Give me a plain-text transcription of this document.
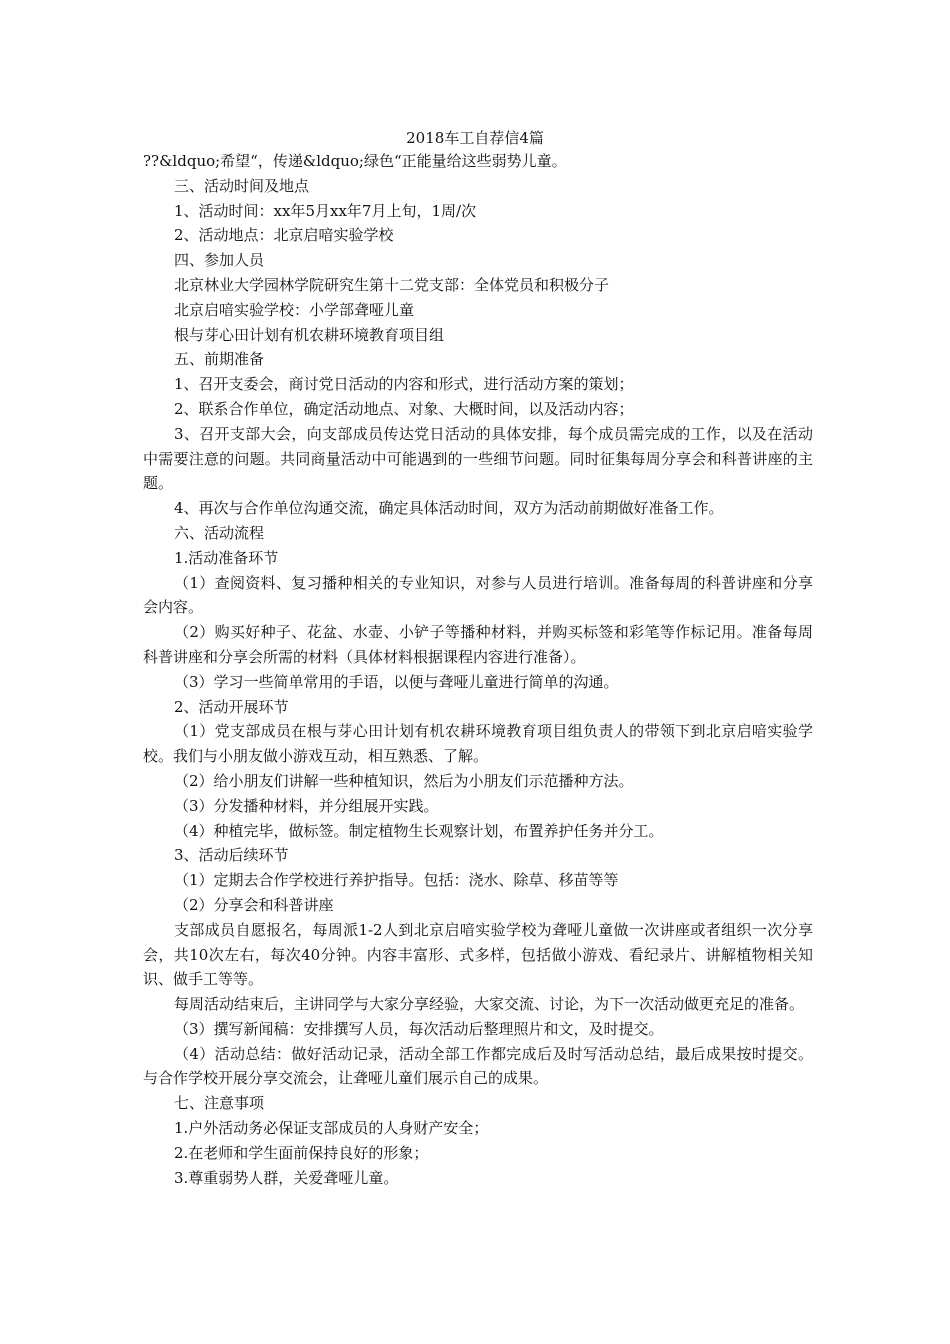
2018车工自荐信4篇

??&ldquo;希望“，传递&ldquo;绿色“正能量给这些弱势儿童。

三、活动时间及地点

1、活动时间：xx年5月xx年7月上旬，1周/次

2、活动地点：北京启喑实验学校

四、参加人员

北京林业大学园林学院研究生第十二党支部：全体党员和积极分子

北京启喑实验学校：小学部聋哑儿童

根与芽心田计划有机农耕环境教育项目组

五、前期准备

1、召开支委会，商讨党日活动的内容和形式，进行活动方案的策划；

2、联系合作单位，确定活动地点、对象、大概时间，以及活动内容；

3、召开支部大会，向支部成员传达党日活动的具体安排，每个成员需完成的工作，以及在活动中需要注意的问题。共同商量活动中可能遇到的一些细节问题。同时征集每周分享会和科普讲座的主题。

4、再次与合作单位沟通交流，确定具体活动时间，双方为活动前期做好准备工作。

六、活动流程

1.活动准备环节

（1）查阅资料、复习播种相关的专业知识，对参与人员进行培训。准备每周的科普讲座和分享会内容。

（2）购买好种子、花盆、水壶、小铲子等播种材料，并购买标签和彩笔等作标记用。准备每周科普讲座和分享会所需的材料（具体材料根据课程内容进行准备）。

（3）学习一些简单常用的手语，以便与聋哑儿童进行简单的沟通。

2、活动开展环节

（1）党支部成员在根与芽心田计划有机农耕环境教育项目组负责人的带领下到北京启喑实验学校。我们与小朋友做小游戏互动，相互熟悉、了解。

（2）给小朋友们讲解一些种植知识，然后为小朋友们示范播种方法。

（3）分发播种材料，并分组展开实践。

（4）种植完毕，做标签。制定植物生长观察计划，布置养护任务并分工。

3、活动后续环节

（1）定期去合作学校进行养护指导。包括：浇水、除草、移苗等等

（2）分享会和科普讲座

支部成员自愿报名，每周派1-2人到北京启喑实验学校为聋哑儿童做一次讲座或者组织一次分享会，共10次左右，每次40分钟。内容丰富形、式多样，包括做小游戏、看纪录片、讲解植物相关知识、做手工等等。

每周活动结束后，主讲同学与大家分享经验，大家交流、讨论，为下一次活动做更充足的准备。

（3）撰写新闻稿：安排撰写人员，每次活动后整理照片和文，及时提交。

（4）活动总结：做好活动记录，活动全部工作都完成后及时写活动总结，最后成果按时提交。与合作学校开展分享交流会，让聋哑儿童们展示自己的成果。

七、注意事项

1.户外活动务必保证支部成员的人身财产安全；

2.在老师和学生面前保持良好的形象；

3.尊重弱势人群，关爱聋哑儿童。
